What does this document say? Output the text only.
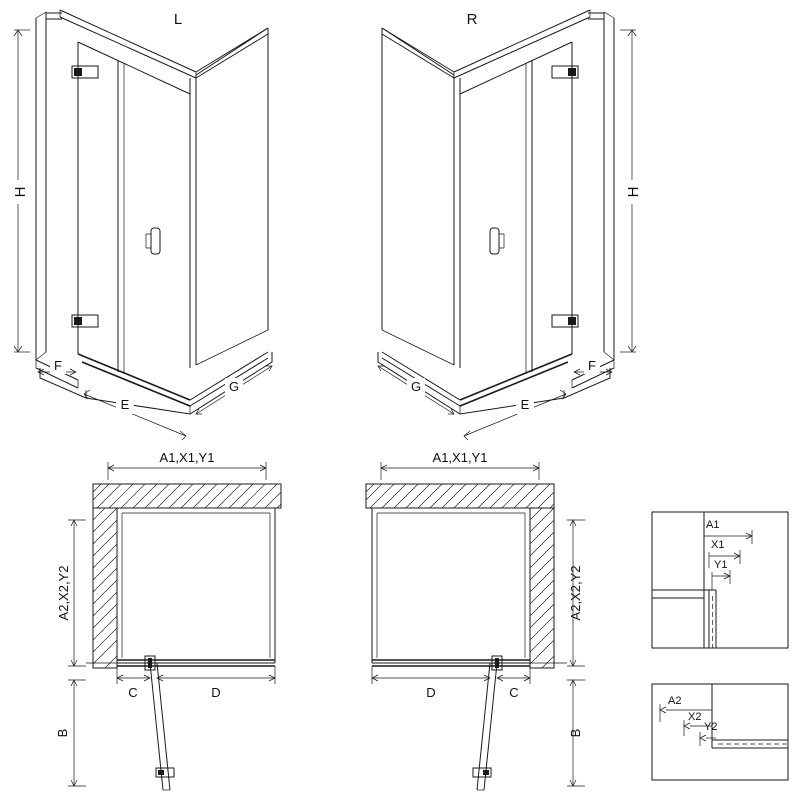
H
F
E
G
L
H
F
E
G
R
A1,X1,Y1
A2,X2,Y2
C	D
B
A1,X1,Y1
A2,X2,Y2
D	C
B
A1
X1
Y1
A2
X2
Y2
